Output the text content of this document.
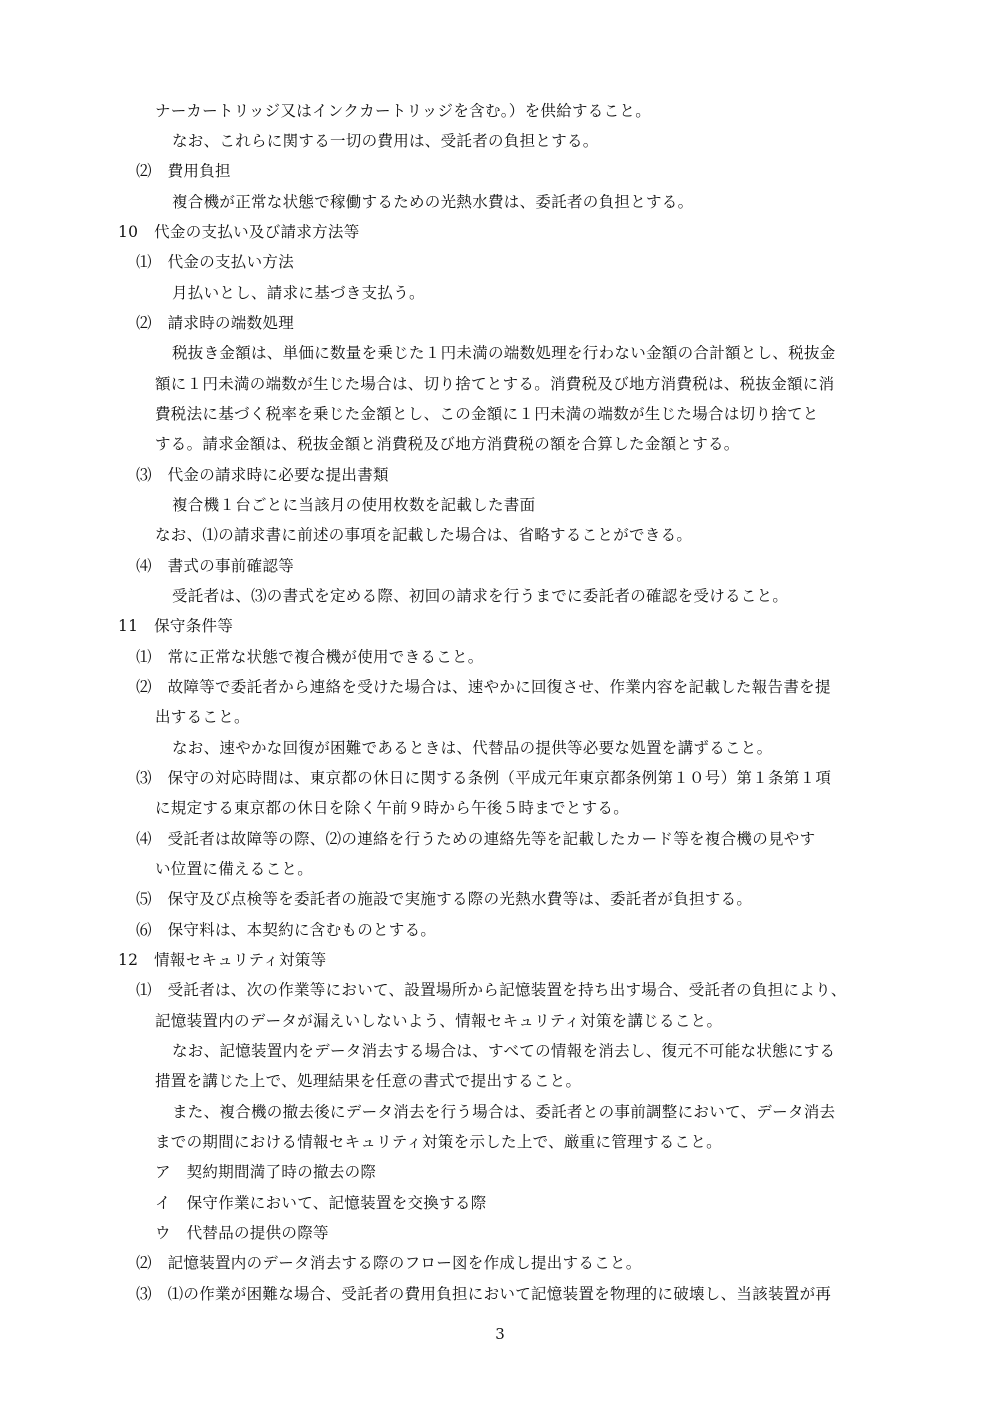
ナーカートリッジ又はインクカートリッジを含む。）を供給すること。
なお、これらに関する一切の費用は、受託者の負担とする。
⑵　費用負担
複合機が正常な状態で稼働するための光熱水費は、委託者の負担とする。
10　代金の支払い及び請求方法等
⑴　代金の支払い方法
月払いとし、請求に基づき支払う。
⑵　請求時の端数処理
税抜き金額は、単価に数量を乗じた１円未満の端数処理を行わない金額の合計額とし、税抜金
額に１円未満の端数が生じた場合は、切り捨てとする。消費税及び地方消費税は、税抜金額に消
費税法に基づく税率を乗じた金額とし、この金額に１円未満の端数が生じた場合は切り捨てと
する。請求金額は、税抜金額と消費税及び地方消費税の額を合算した金額とする。
⑶　代金の請求時に必要な提出書類
複合機１台ごとに当該月の使用枚数を記載した書面
なお、⑴の請求書に前述の事項を記載した場合は、省略することができる。
⑷　書式の事前確認等
受託者は、⑶の書式を定める際、初回の請求を行うまでに委託者の確認を受けること。
11　保守条件等
⑴　常に正常な状態で複合機が使用できること。
⑵　故障等で委託者から連絡を受けた場合は、速やかに回復させ、作業内容を記載した報告書を提
出すること。
なお、速やかな回復が困難であるときは、代替品の提供等必要な処置を講ずること。
⑶　保守の対応時間は、東京都の休日に関する条例（平成元年東京都条例第１０号）第１条第１項
に規定する東京都の休日を除く午前９時から午後５時までとする。
⑷　受託者は故障等の際、⑵の連絡を行うための連絡先等を記載したカード等を複合機の見やす
い位置に備えること。
⑸　保守及び点検等を委託者の施設で実施する際の光熱水費等は、委託者が負担する。
⑹　保守料は、本契約に含むものとする。
12　情報セキュリティ対策等
⑴　受託者は、次の作業等において、設置場所から記憶装置を持ち出す場合、受託者の負担により、
記憶装置内のデータが漏えいしないよう、情報セキュリティ対策を講じること。
なお、記憶装置内をデータ消去する場合は、すべての情報を消去し、復元不可能な状態にする
措置を講じた上で、処理結果を任意の書式で提出すること。
また、複合機の撤去後にデータ消去を行う場合は、委託者との事前調整において、データ消去
までの期間における情報セキュリティ対策を示した上で、厳重に管理すること。
ア　契約期間満了時の撤去の際
イ　保守作業において、記憶装置を交換する際
ウ　代替品の提供の際等
⑵　記憶装置内のデータ消去する際のフロー図を作成し提出すること。
⑶　⑴の作業が困難な場合、受託者の費用負担において記憶装置を物理的に破壊し、当該装置が再
3
